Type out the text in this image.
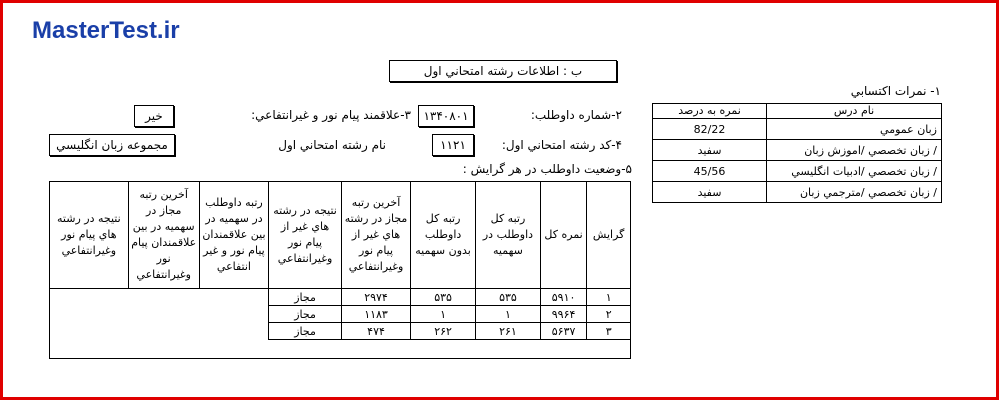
MasterTest.ir
ب : اطلاعات رشته امتحاني اول
۱- نمرات اكتسابي
نام درس	نمره به درصد
زبان عمومي	82/22
/ زبان تخصصي /اموزش زبان	سفيد
/ زبان تخصصي /ادبيات انگليسي	45/56
/ زبان تخصصي /مترجمي زبان	سفيد
۲-شماره داوطلب:
۱۳۴۰۸۰۱
۳-علاقمند پيام نور و غيرانتفاعي:
خير
۴-کد رشته امتحاني اول:
۱۱۲۱
نام رشته امتحاني اول
مجموعه زبان انگليسي
۵-وضعيت داوطلب در هر گرايش :
گرايش	نمره کل	رتبه کل داوطلب در سهميه	رتبه کل داوطلب بدون سهميه	آخرين رتبه مجاز در رشته هاي غير از پيام نور وغيرانتفاعي	نتيجه در رشته هاي غير از پيام نور وغيرانتفاعي	رتبه داوطلب در سهميه در بين علاقمندان پيام نور و غير انتفاعي	آخرين رتبه مجاز در سهميه در بين علاقمندان پيام نور وغيرانتفاعي	نتيجه در رشته هاي پيام نور وغيرانتفاعي
۱	۵۹۱۰	۵۳۵	۵۳۵	۲۹۷۴	مجاز			
۲	۹۹۶۴	۱	۱	۱۱۸۳	مجاز			
۳	۵۶۳۷	۲۶۱	۲۶۲	۴۷۴	مجاز			
